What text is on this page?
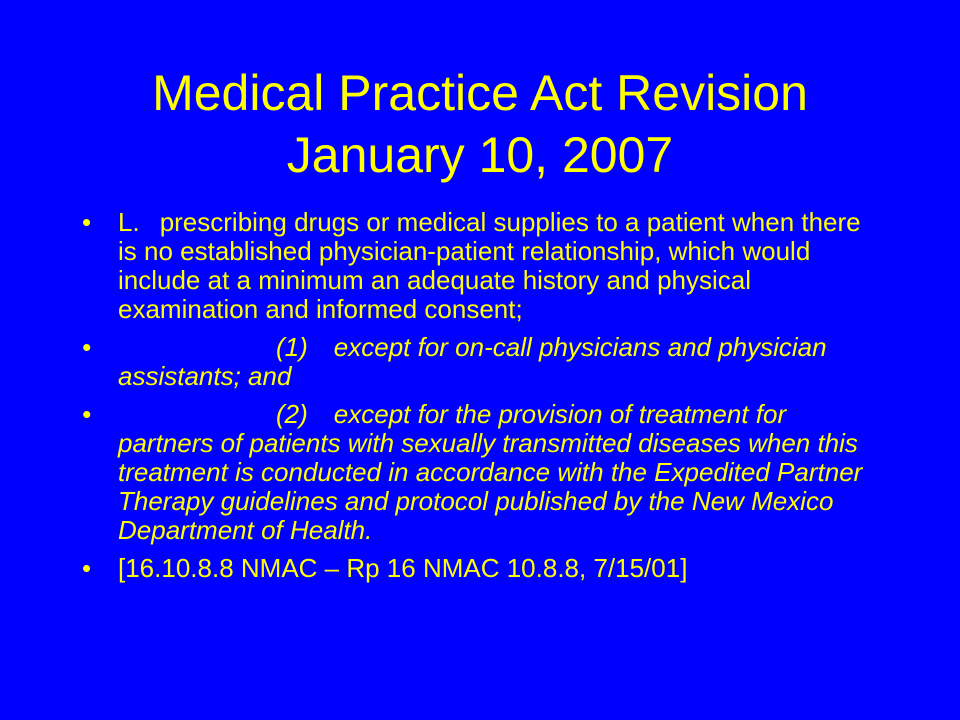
Medical Practice Act Revision
January 10, 2007
• L. prescribing drugs or medical supplies to a patient when there is no established physician-patient relationship, which would include at a minimum an adequate history and physical examination and informed consent;
•	(1) except for on-call physicians and physician assistants; and
•	(2) except for the provision of treatment for partners of patients with sexually transmitted diseases when this treatment is conducted in accordance with the Expedited Partner Therapy guidelines and protocol published by the New Mexico Department of Health.
• [16.10.8.8 NMAC – Rp 16 NMAC 10.8.8, 7/15/01]
